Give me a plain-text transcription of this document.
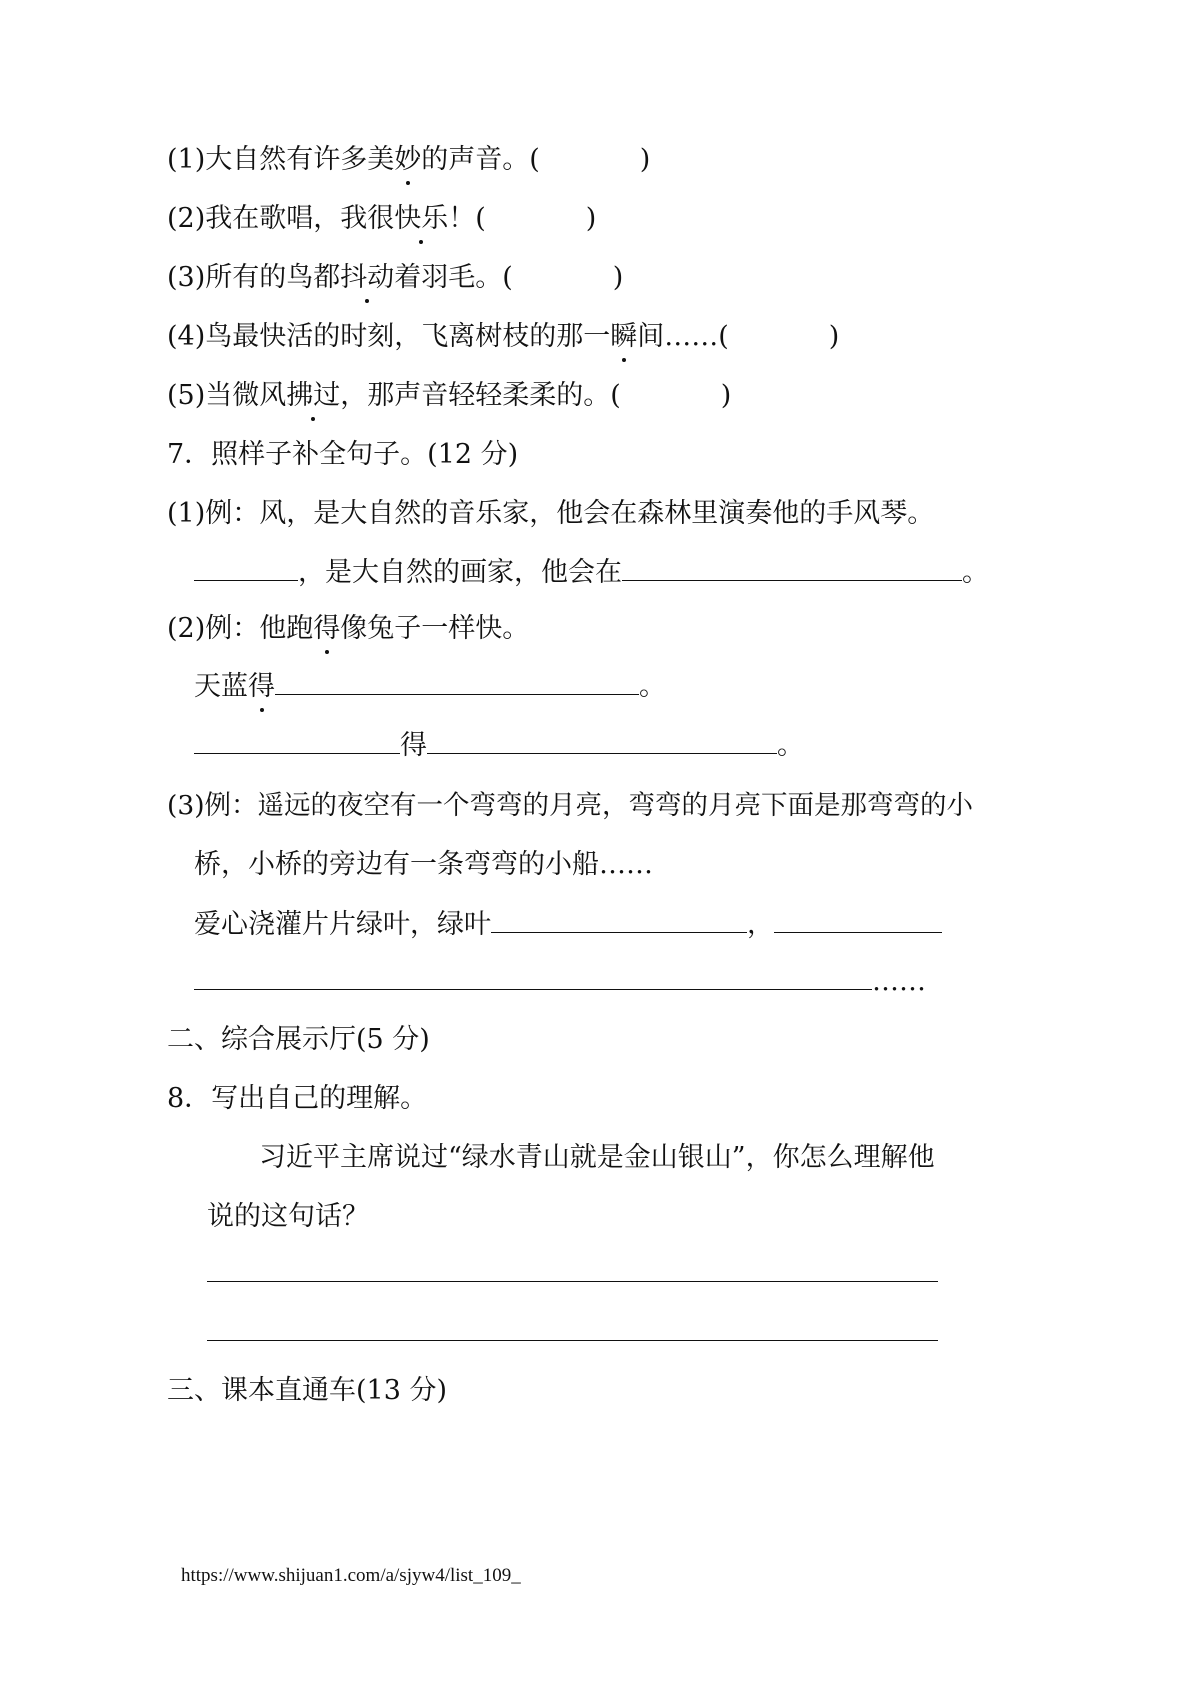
(1)大自然有许多美妙的声音。(	)
(2)我在歌唱，我很快乐！(	)
(3)所有的鸟都抖动着羽毛。(	)
(4)鸟最快活的时刻，飞离树枝的那一瞬间……(	)
(5)当微风拂过，那声音轻轻柔柔的。(	)
7．照样子补全句子。(12 分)
(1)例：风，是大自然的音乐家，他会在森林里演奏他的手风琴。
，是大自然的画家，他会在	。
(2)例：他跑得像兔子一样快。
天蓝得	。
得	。
(3)例：遥远的夜空有一个弯弯的月亮，弯弯的月亮下面是那弯弯的小
桥，小桥的旁边有一条弯弯的小船……
爱心浇灌片片绿叶，绿叶	，
……
二、综合展示厅(5 分)
8．写出自己的理解。
习近平主席说过“绿水青山就是金山银山”，你怎么理解他
说的这句话？
三、课本直通车(13 分)
https://www.shijuan1.com/a/sjyw4/list_109_
